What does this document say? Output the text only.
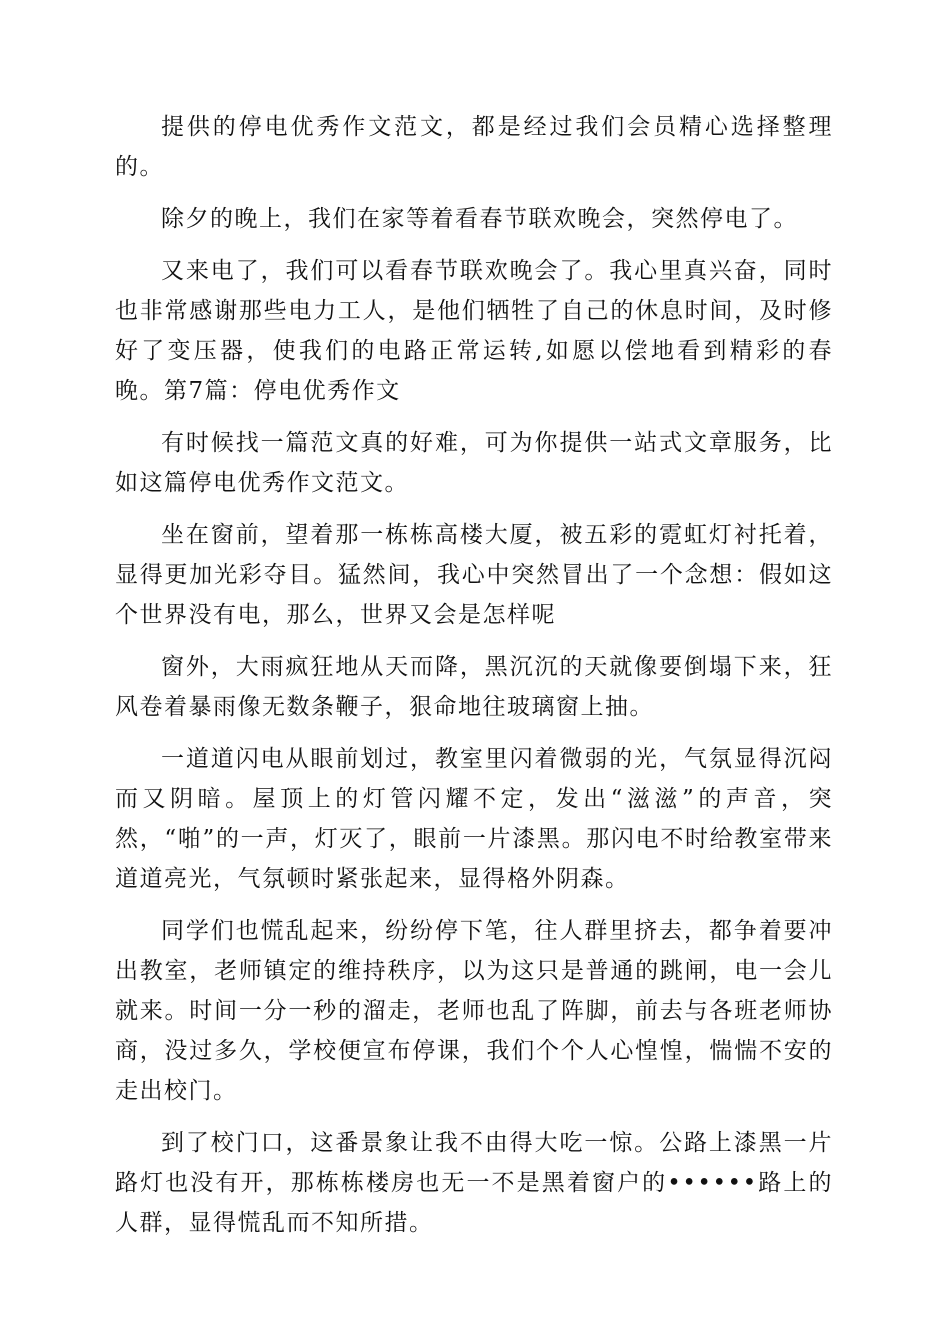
提供的停电优秀作文范文，都是经过我们会员精心选择整理的。

除夕的晚上，我们在家等着看春节联欢晚会，突然停电了。

又来电了，我们可以看春节联欢晚会了。我心里真兴奋，同时也非常感谢那些电力工人，是他们牺牲了自己的休息时间，及时修好了变压器，使我们的电路正常运转,如愿以偿地看到精彩的春晚。第7篇：停电优秀作文

有时候找一篇范文真的好难，可为你提供一站式文章服务，比如这篇停电优秀作文范文。

坐在窗前，望着那一栋栋高楼大厦，被五彩的霓虹灯衬托着，显得更加光彩夺目。猛然间，我心中突然冒出了一个念想：假如这个世界没有电，那么，世界又会是怎样呢

窗外，大雨疯狂地从天而降，黑沉沉的天就像要倒塌下来，狂风卷着暴雨像无数条鞭子，狠命地往玻璃窗上抽。

一道道闪电从眼前划过，教室里闪着微弱的光，气氛显得沉闷而又阴暗。屋顶上的灯管闪耀不定，发出“滋滋”的声音，突然，“啪”的一声，灯灭了，眼前一片漆黑。那闪电不时给教室带来道道亮光，气氛顿时紧张起来，显得格外阴森。

同学们也慌乱起来，纷纷停下笔，往人群里挤去，都争着要冲出教室，老师镇定的维持秩序，以为这只是普通的跳闸，电一会儿就来。时间一分一秒的溜走，老师也乱了阵脚，前去与各班老师协商，没过多久，学校便宣布停课，我们个个人心惶惶，惴惴不安的走出校门。

到了校门口，这番景象让我不由得大吃一惊。公路上漆黑一片路灯也没有开，那栋栋楼房也无一不是黑着窗户的••••••路上的人群，显得慌乱而不知所措。
